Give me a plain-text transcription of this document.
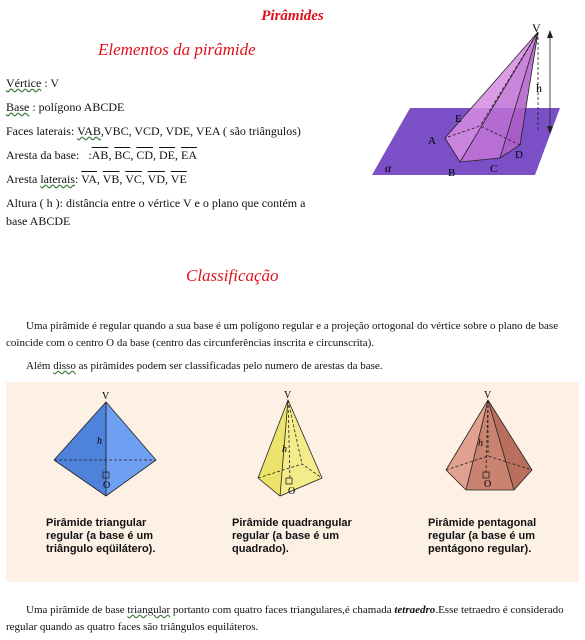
Pirâmides
Elementos da pirâmide
Vértice : V
Base : polígono ABCDE
Faces laterais: VAB,VBC, VCD, VDE, VEA ( são triângulos)
Aresta da base:   $:\overline{AB}$, $\overline{BC}$, $\overline{CD}$, $\overline{DE}$, $\overline{EA}$
Aresta laterais: $\overline{VA}$, $\overline{VB}$, $\overline{VC}$, $\overline{VD}$, $\overline{VE}$
Altura ( h ): distância entre o vértice V e o plano que contém a
base ABCDE
V
E
A
B	C
D
h
α
Classificação
Uma pirâmide é regular quando a sua base é um polígono regular e a projeção ortogonal do vértice sobre o plano de base coincide com o centro O da base (centro das circunferências inscrita e circunscrita).
Além disso as pirâmides podem ser classificadas pelo numero de arestas da base.
V
h
O
Pirâmide triangular
regular (a base é um
triângulo eqüilátero).
V
h
O
Pirâmide quadrangular
regular (a base é um
quadrado).
V
h
O
Pirâmide pentagonal
regular (a base é um
pentágono regular).
Uma pirâmide de base triangular portanto com quatro faces triangulares,é chamada tetraedro.Esse tetraedro é considerado regular quando as quatro faces são triângulos equiláteros.
